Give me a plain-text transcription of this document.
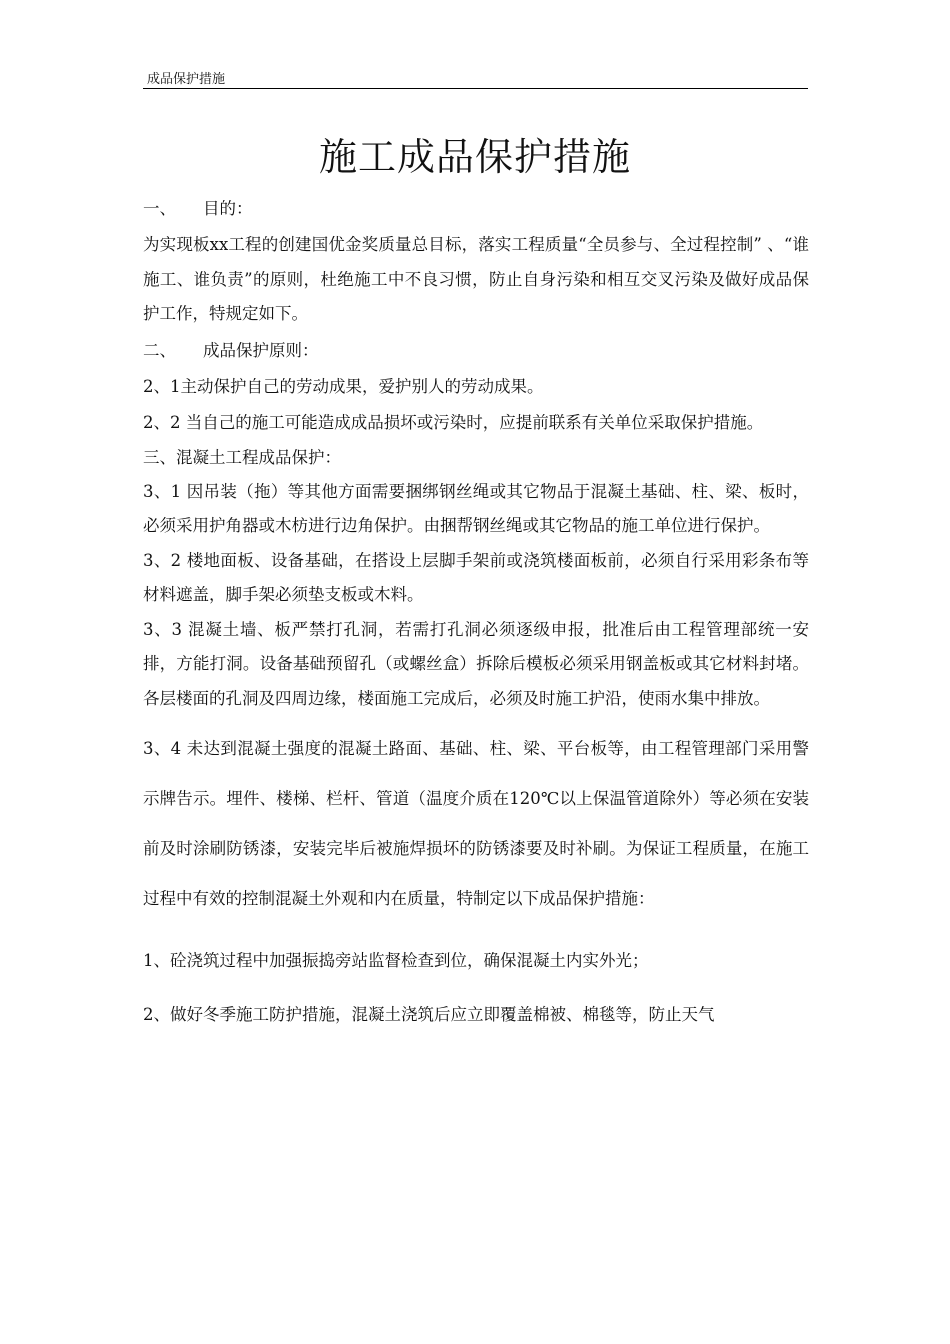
成品保护措施
施工成品保护措施
一、	目的：

为实现板xx工程的创建国优金奖质量总目标，落实工程质量“全员参与、全过程控制” 、“谁施工、谁负责”的原则，杜绝施工中不良习惯，防止自身污染和相互交叉污染及做好成品保护工作，特规定如下。

二、	成品保护原则：

2、1主动保护自己的劳动成果，爱护别人的劳动成果。

2、2 当自己的施工可能造成成品损坏或污染时，应提前联系有关单位采取保护措施。

三、混凝土工程成品保护：

3、1 因吊装（拖）等其他方面需要捆绑钢丝绳或其它物品于混凝土基础、柱、梁、板时，必须采用护角器或木枋进行边角保护。由捆帮钢丝绳或其它物品的施工单位进行保护。

3、2 楼地面板、设备基础，在搭设上层脚手架前或浇筑楼面板前，必须自行采用彩条布等材料遮盖，脚手架必须垫支板或木料。

3、3 混凝土墙、板严禁打孔洞，若需打孔洞必须逐级申报，批准后由工程管理部统一安排，方能打洞。设备基础预留孔（或螺丝盒）拆除后模板必须采用钢盖板或其它材料封堵。各层楼面的孔洞及四周边缘，楼面施工完成后，必须及时施工护沿，使雨水集中排放。

3、4 未达到混凝土强度的混凝土路面、基础、柱、梁、平台板等，由工程管理部门采用警示牌告示。埋件、楼梯、栏杆、管道（温度介质在120℃以上保温管道除外）等必须在安装前及时涂刷防锈漆，安装完毕后被施焊损坏的防锈漆要及时补刷。为保证工程质量，在施工过程中有效的控制混凝土外观和内在质量，特制定以下成品保护措施：

1、砼浇筑过程中加强振捣旁站监督检查到位，确保混凝土内实外光；

2、做好冬季施工防护措施，混凝土浇筑后应立即覆盖棉被、棉毯等，防止天气
